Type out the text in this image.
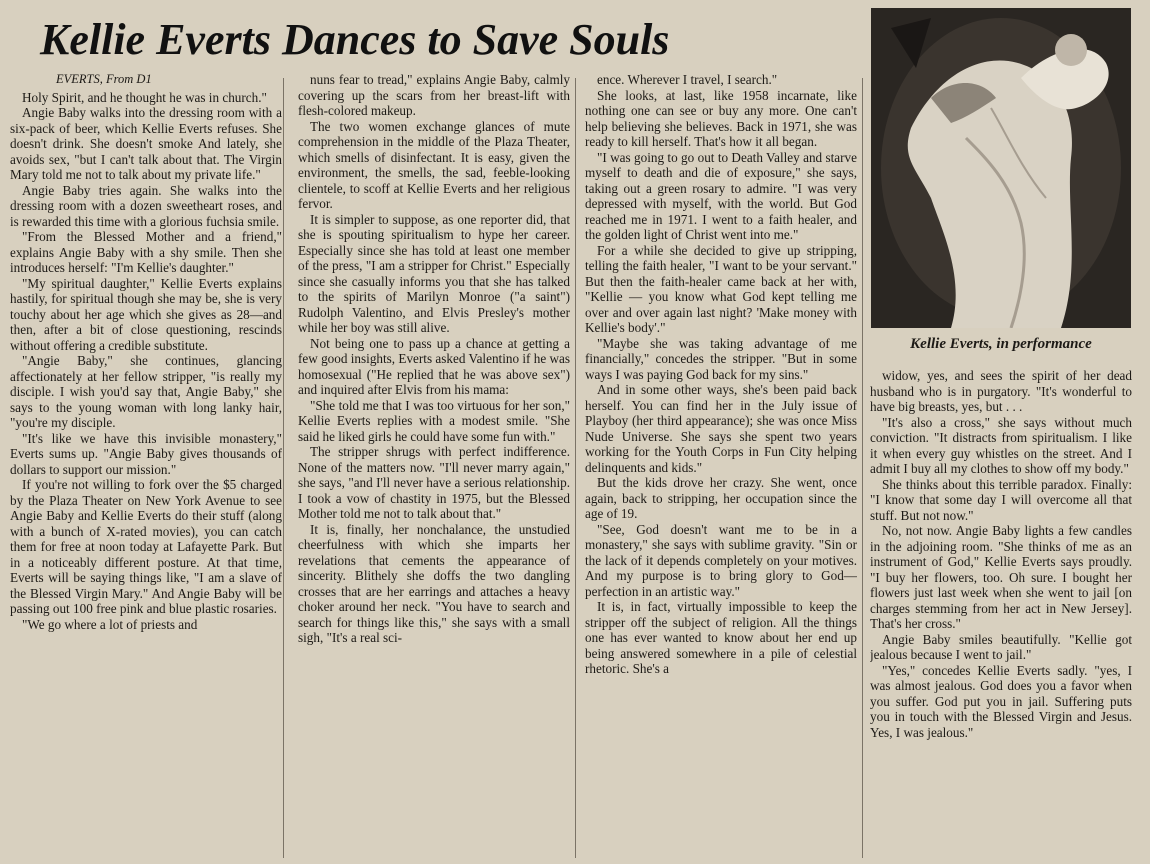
Kellie Everts Dances to Save Souls

EVERTS, From D1

Holy Spirit, and he thought he was in church."

Angie Baby walks into the dressing room with a six-pack of beer, which Kellie Everts refuses. She doesn't drink. She doesn't smoke And lately, she avoids sex, "but I can't talk about that. The Virgin Mary told me not to talk about my private life."

Angie Baby tries again. She walks into the dressing room with a dozen sweetheart roses, and is rewarded this time with a glorious fuchsia smile.

"From the Blessed Mother and a friend," explains Angie Baby with a shy smile. Then she introduces herself: "I'm Kellie's daughter."

"My spiritual daughter," Kellie Everts explains hastily, for spiritual though she may be, she is very touchy about her age which she gives as 28—and then, after a bit of close questioning, rescinds without offering a credible substitute.

"Angie Baby," she continues, glancing affectionately at her fellow stripper, "is really my disciple. I wish you'd say that, Angie Baby," she says to the young woman with long lanky hair, "you're my disciple.

"It's like we have this invisible monastery," Everts sums up. "Angie Baby gives thousands of dollars to support our mission."

If you're not willing to fork over the $5 charged by the Plaza Theater on New York Avenue to see Angie Baby and Kellie Everts do their stuff (along with a bunch of X-rated movies), you can catch them for free at noon today at Lafayette Park. But in a noticeably different posture. At that time, Everts will be saying things like, "I am a slave of the Blessed Virgin Mary." And Angie Baby will be passing out 100 free pink and blue plastic rosaries.

"We go where a lot of priests and

nuns fear to tread," explains Angie Baby, calmly covering up the scars from her breast-lift with flesh-colored makeup.

The two women exchange glances of mute comprehension in the middle of the Plaza Theater, which smells of disinfectant. It is easy, given the environment, the smells, the sad, feeble-looking clientele, to scoff at Kellie Everts and her religious fervor.

It is simpler to suppose, as one reporter did, that she is spouting spiritualism to hype her career. Especially since she has told at least one member of the press, "I am a stripper for Christ." Especially since she casually informs you that she has talked to the spirits of Marilyn Monroe ("a saint") Rudolph Valentino, and Elvis Presley's mother while her boy was still alive.

Not being one to pass up a chance at getting a few good insights, Everts asked Valentino if he was homosexual ("He replied that he was above sex") and inquired after Elvis from his mama:

"She told me that I was too virtuous for her son," Kellie Everts replies with a modest smile. "She said he liked girls he could have some fun with."

The stripper shrugs with perfect indifference. None of the matters now. "I'll never marry again," she says, "and I'll never have a serious relationship. I took a vow of chastity in 1975, but the Blessed Mother told me not to talk about that."

It is, finally, her nonchalance, the unstudied cheerfulness with which she imparts her revelations that cements the appearance of sincerity. Blithely she doffs the two dangling crosses that are her earrings and attaches a heavy choker around her neck. "You have to search and search for things like this," she says with a small sigh, "It's a real sci-

ence. Wherever I travel, I search."

She looks, at last, like 1958 incarnate, like nothing one can see or buy any more. One can't help believing she believes. Back in 1971, she was ready to kill herself. That's how it all began.

"I was going to go out to Death Valley and starve myself to death and die of exposure," she says, taking out a green rosary to admire. "I was very depressed with myself, with the world. But God reached me in 1971. I went to a faith healer, and the golden light of Christ went into me."

For a while she decided to give up stripping, telling the faith healer, "I want to be your servant." But then the faith-healer came back at her with, "Kellie — you know what God kept telling me over and over again last night? 'Make money with Kellie's body'."

"Maybe she was taking advantage of me financially," concedes the stripper. "But in some ways I was paying God back for my sins."

And in some other ways, she's been paid back herself. You can find her in the July issue of Playboy (her third appearance); she was once Miss Nude Universe. She says she spent two years working for the Youth Corps in Fun City helping delinquents and kids."

But the kids drove her crazy. She went, once again, back to stripping, her occupation since the age of 19.

"See, God doesn't want me to be in a monastery," she says with sublime gravity. "Sin or the lack of it depends completely on your motives. And my purpose is to bring glory to God—perfection in an artistic way."

It is, in fact, virtually impossible to keep the stripper off the subject of religion. All the things one has ever wanted to know about her end up being answered somewhere in a pile of celestial rhetoric. She's a

Kellie Everts, in performance

widow, yes, and sees the spirit of her dead husband who is in purgatory. "It's wonderful to have big breasts, yes, but . . .

"It's also a cross," she says without much conviction. "It distracts from spiritualism. I like it when every guy whistles on the street. And I admit I buy all my clothes to show off my body."

She thinks about this terrible paradox. Finally: "I know that some day I will overcome all that stuff. But not now."

No, not now. Angie Baby lights a few candles in the adjoining room. "She thinks of me as an instrument of God," Kellie Everts says proudly. "I buy her flowers, too. Oh sure. I bought her flowers just last week when she went to jail [on charges stemming from her act in New Jersey]. That's her cross."

Angie Baby smiles beautifully. "Kellie got jealous because I went to jail."

"Yes," concedes Kellie Everts sadly. "yes, I was almost jealous. God does you a favor when you suffer. God put you in jail. Suffering puts you in touch with the Blessed Virgin and Jesus. Yes, I was jealous."
